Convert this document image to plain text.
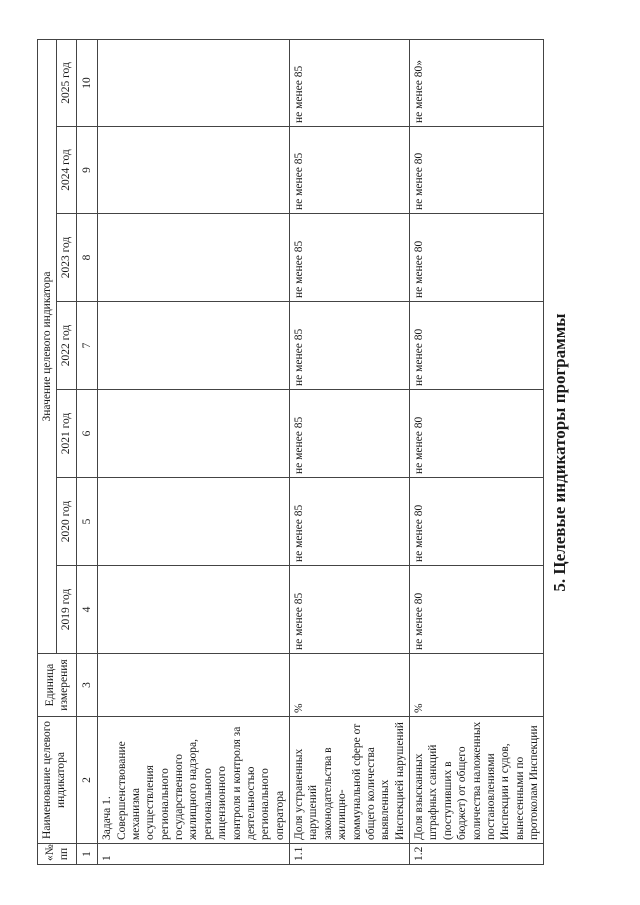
5. Целевые индикаторы программы
«№ пп	Наименование целевого индикатора	Единица измерения	Значение целевого индикатора						
			2019 год	2020 год	2021 год	2022 год	2023 год	2024 год	2025 год
1	2	3	4	5	6	7	8	9	10
1	Задача 1. Совершенствование механизма осуществления регионального государственного жилищного надзора, регионального лицензионного контроля и контроля за деятельностью регионального оператора								
1.1	Доля устраненных нарушений законодательства в жилищно-коммунальной сфере от общего количества выявленных Инспекцией нарушений	%	не менее 85	не менее 85	не менее 85	не менее 85	не менее 85	не менее 85	не менее 85
1.2	Доля взысканных штрафных санкций (поступивших в бюджет) от общего количества наложенных постановлениями Инспекции и судов, вынесенными по протоколам Инспекции	%	не менее 80	не менее 80	не менее 80	не менее 80	не менее 80	не менее 80	не менее 80»
